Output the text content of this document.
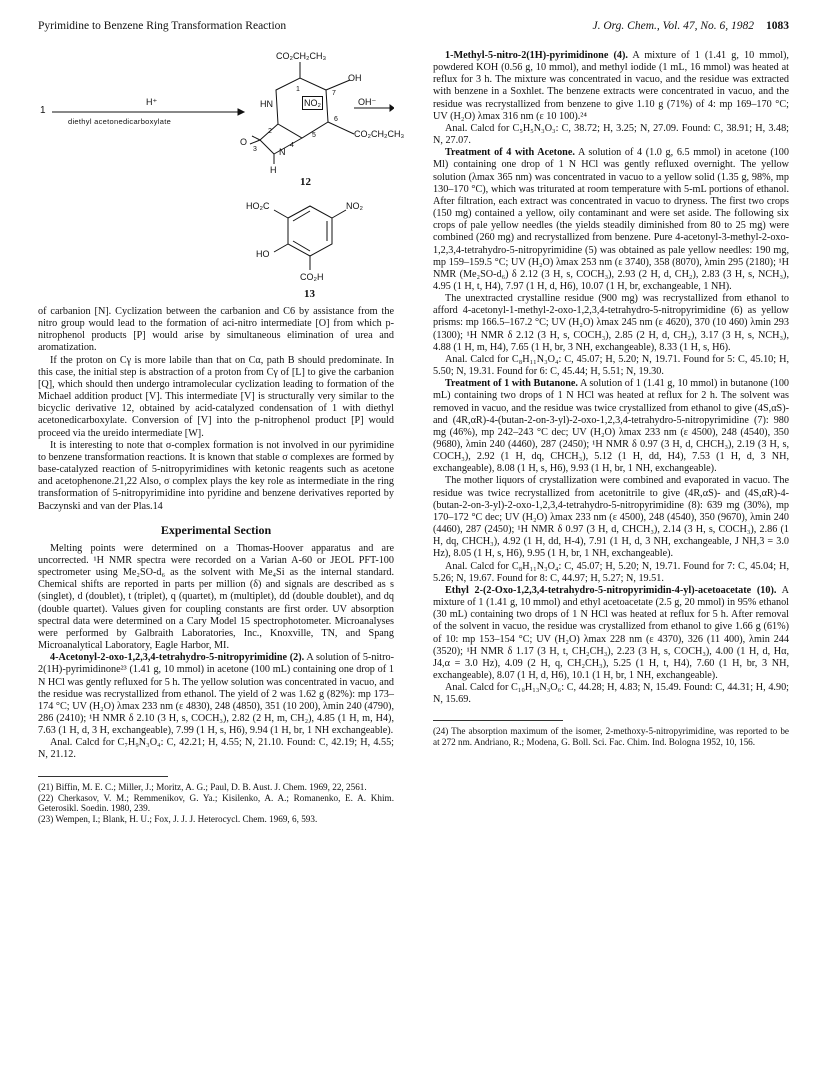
Pyrimidine to Benzene Ring Transformation Reaction	J. Org. Chem., Vol. 47, No. 6, 1982 1083
1
H⁺
diethyl acetonedicarboxylate
CO₂CH₂CH₃
OH
NO₂
CO₂CH₂CH₃
HN
O
N
H
1
2
3
4
5
6
7
OH⁻
12
HO₂C	NO₂
HO
CO₂H
13

of carbanion [N]. Cyclization between the carbanion and C6 by assistance from the nitro group would lead to the formation of aci-nitro intermediate [O] from which p-nitrophenol products [P] would arise by simultaneous elimination of urea and aromatization.

If the proton on Cγ is more labile than that on Cα, path B should predominate. In this case, the initial step is abstraction of a proton from Cγ of [L] to give the carbanion [Q], which should then undergo intramolecular cyclization leading to formation of the Michael addition product [V]. This intermediate [V] is structurally very similar to the bicyclic derivative 12, obtained by acid-catalyzed condensation of 1 with diethyl acetonedicarboxylate. Conversion of [V] into the p-nitrophenol product [P] would proceed via the ureido intermediate [W].

It is interesting to note that σ-complex formation is not involved in our pyrimidine to benzene transformation reactions. It is known that stable σ complexes are formed by base-catalyzed reaction of 5-nitropyrimidines with ketonic reagents such as acetone and acetophenone.21,22 Also, σ complex plays the key role as intermediate in the ring transformation of 5-nitropyrimidine into pyridine and benzene derivatives reported by Baczynski and van der Plas.14

Experimental Section

Melting points were determined on a Thomas-Hoover apparatus and are uncorrected. ¹H NMR spectra were recorded on a Varian A-60 or JEOL PFT-100 spectrometer using Me₂SO-d₆ as the solvent with Me₄Si as the internal standard. Chemical shifts are reported in parts per million (δ) and signals are described as s (singlet), d (doublet), t (triplet), q (quartet), m (multiplet), dd (double doublet), and dq (double quartet). Values given for coupling constants are first order. UV absorption spectral data were determined on a Cary Model 15 spectrophotometer. Microanalyses were performed by Galbraith Laboratories, Inc., Knoxville, TN, and Spang Microanalytical Laboratory, Eagle Harbor, MI.

4-Acetonyl-2-oxo-1,2,3,4-tetrahydro-5-nitropyrimidine (2). A solution of 5-nitro-2(1H)-pyrimidinone²³ (1.41 g, 10 mmol) in acetone (100 mL) containing one drop of 1 N HCl was gently refluxed for 5 h. The yellow solution was concentrated in vacuo, and the residue was recrystallized from ethanol. The yield of 2 was 1.62 g (82%): mp 173–174 °C; UV (H₂O) λmax 233 nm (ε 4830), 248 (4850), 351 (10 200), λmin 240 (4790), 286 (2410); ¹H NMR δ 2.10 (3 H, s, COCH₃), 2.82 (2 H, m, CH₂), 4.85 (1 H, m, H4), 7.63 (1 H, d, 3 H, exchangeable), 7.99 (1 H, s, H6), 9.94 (1 H, br, 1 NH exchangeable).

Anal. Calcd for C₇H₉N₃O₄: C, 42.21; H, 4.55; N, 21.10. Found: C, 42.19; H, 4.55; N, 21.12.

(21) Biffin, M. E. C.; Miller, J.; Moritz, A. G.; Paul, D. B. Aust. J. Chem. 1969, 22, 2561.

(22) Cherkasov, V. M.; Remmenikov, G. Ya.; Kisilenko, A. A.; Romanenko, E. A. Khim. Geterosikl. Soedin. 1980, 239.

(23) Wempen, I.; Blank, H. U.; Fox, J. J. J. Heterocycl. Chem. 1969, 6, 593.

1-Methyl-5-nitro-2(1H)-pyrimidinone (4). A mixture of 1 (1.41 g, 10 mmol), powdered KOH (0.56 g, 10 mmol), and methyl iodide (1 mL, 16 mmol) was heated at reflux for 3 h. The mixture was concentrated in vacuo, and the residue was extracted with benzene in a Soxhlet. The benzene extracts were concentrated in vacuo, and the residue was recrystallized from benzene to give 1.10 g (71%) of 4: mp 169–170 °C; UV (H₂O) λmax 316 nm (ε 10 100).²⁴

Anal. Calcd for C₅H₅N₃O₃: C, 38.72; H, 3.25; N, 27.09. Found: C, 38.91; H, 3.48; N, 27.07.

Treatment of 4 with Acetone. A solution of 4 (1.0 g, 6.5 mmol) in acetone (100 Ml) containing one drop of 1 N HCl was gently refluxed overnight. The yellow solution (λmax 365 nm) was concentrated in vacuo to a yellow solid (1.35 g, 98%, mp 130–170 °C), which was triturated at room temperature with 5-mL portions of ethanol. After filtration, each extract was concentrated in vacuo to dryness. The first two crops (150 mg) contained a yellow, oily contaminant and were set aside. The following six crops of pale yellow needles (the yields steadily diminished from 80 to 25 mg) were combined (260 mg) and recrystallized from benzene. Pure 4-acetonyl-3-methyl-2-oxo-1,2,3,4-tetrahydro-5-nitropyrimidine (5) was obtained as pale yellow needles: 190 mg, mp 159–159.5 °C; UV (H₂O) λmax 253 nm (ε 3740), 358 (8070), λmin 295 (2180); ¹H NMR (Me₂SO-d₆) δ 2.12 (3 H, s, COCH₃), 2.93 (2 H, d, CH₂), 2.83 (3 H, s, NCH₃), 4.95 (1 H, t, H4), 7.97 (1 H, d, H6), 10.07 (1 H, br, exchangeable, 1 NH).

The unextracted crystalline residue (900 mg) was recrystallized from ethanol to afford 4-acetonyl-1-methyl-2-oxo-1,2,3,4-tetrahydro-5-nitropyrimidine (6) as yellow prisms: mp 166.5–167.2 °C; UV (H₂O) λmax 245 nm (ε 4620), 370 (10 460) λmin 293 (1300); ¹H NMR δ 2.12 (3 H, s, COCH₃), 2.85 (2 H, d, CH₂), 3.17 (3 H, s, NCH₃), 4.88 (1 H, m, H4), 7.65 (1 H, br, 3 NH, exchangeable), 8.33 (1 H, s, H6).

Anal. Calcd for C₈H₁₁N₃O₄: C, 45.07; H, 5.20; N, 19.71. Found for 5: C, 45.10; H, 5.50; N, 19.31. Found for 6: C, 45.44; H, 5.51; N, 19.30.

Treatment of 1 with Butanone. A solution of 1 (1.41 g, 10 mmol) in butanone (100 mL) containing two drops of 1 N HCl was heated at reflux for 2 h. The solvent was removed in vacuo, and the residue was twice crystallized from ethanol to give (4S,αS)- and (4R,αR)-4-(butan-2-on-3-yl)-2-oxo-1,2,3,4-tetrahydro-5-nitropyrimidine (7): 980 mg (46%), mp 242–243 °C dec; UV (H₂O) λmax 233 nm (ε 4500), 248 (4540), 350 (9680), λmin 240 (4460), 287 (2450); ¹H NMR δ 0.97 (3 H, d, CHCH₃), 2.19 (3 H, s, COCH₃), 2.92 (1 H, dq, CHCH₃), 5.12 (1 H, dd, H4), 7.53 (1 H, d, 3 NH, exchangeable), 8.08 (1 H, s, H6), 9.93 (1 H, br, 1 NH, exchangeable).

The mother liquors of crystallization were combined and evaporated in vacuo. The residue was twice recrystallized from acetonitrile to give (4R,αS)- and (4S,αR)-4-(butan-2-on-3-yl)-2-oxo-1,2,3,4-tetrahydro-5-nitropyrimidine (8): 639 mg (30%), mp 170–172 °C dec; UV (H₂O) λmax 233 nm (ε 4500), 248 (4540), 350 (9670), λmin 240 (4460), 287 (2450); ¹H NMR δ 0.97 (3 H, d, CHCH₃), 2.14 (3 H, s, COCH₃), 2.86 (1 H, dq, CHCH₃), 4.92 (1 H, dd, H-4), 7.91 (1 H, d, 3 NH, exchangeable, J NH,3 = 3.0 Hz), 8.05 (1 H, s, H6), 9.95 (1 H, br, 1 NH, exchangeable).

Anal. Calcd for C₈H₁₁N₃O₄: C, 45.07; H, 5.20; N, 19.71. Found for 7: C, 45.04; H, 5.26; N, 19.67. Found for 8: C, 44.97; H, 5.27; N, 19.51.

Ethyl 2-(2-Oxo-1,2,3,4-tetrahydro-5-nitropyrimidin-4-yl)-acetoacetate (10). A mixture of 1 (1.41 g, 10 mmol) and ethyl acetoacetate (2.5 g, 20 mmol) in 95% ethanol (30 mL) containing two drops of 1 N HCl was heated at reflux for 5 h. After removal of the solvent in vacuo, the residue was crystallized from ethanol to give 1.66 g (61%) of 10: mp 153–154 °C; UV (H₂O) λmax 228 nm (ε 4370), 326 (11 400), λmin 244 (3520); ¹H NMR δ 1.17 (3 H, t, CH₂CH₃), 2.23 (3 H, s, COCH₃), 4.00 (1 H, d, Hα, J4,α = 3.0 Hz), 4.09 (2 H, q, CH₂CH₃), 5.25 (1 H, t, H4), 7.60 (1 H, br, 3 NH, exchangeable), 8.07 (1 H, d, H6), 10.1 (1 H, br, 1 NH, exchangeable).

Anal. Calcd for C₁₀H₁₃N₃O₆: C, 44.28; H, 4.83; N, 15.49. Found: C, 44.31; H, 4.90; N, 15.69.

(24) The absorption maximum of the isomer, 2-methoxy-5-nitropyrimidine, was reported to be at 272 nm. Andriano, R.; Modena, G. Boll. Sci. Fac. Chim. Ind. Bologna 1952, 10, 156.
